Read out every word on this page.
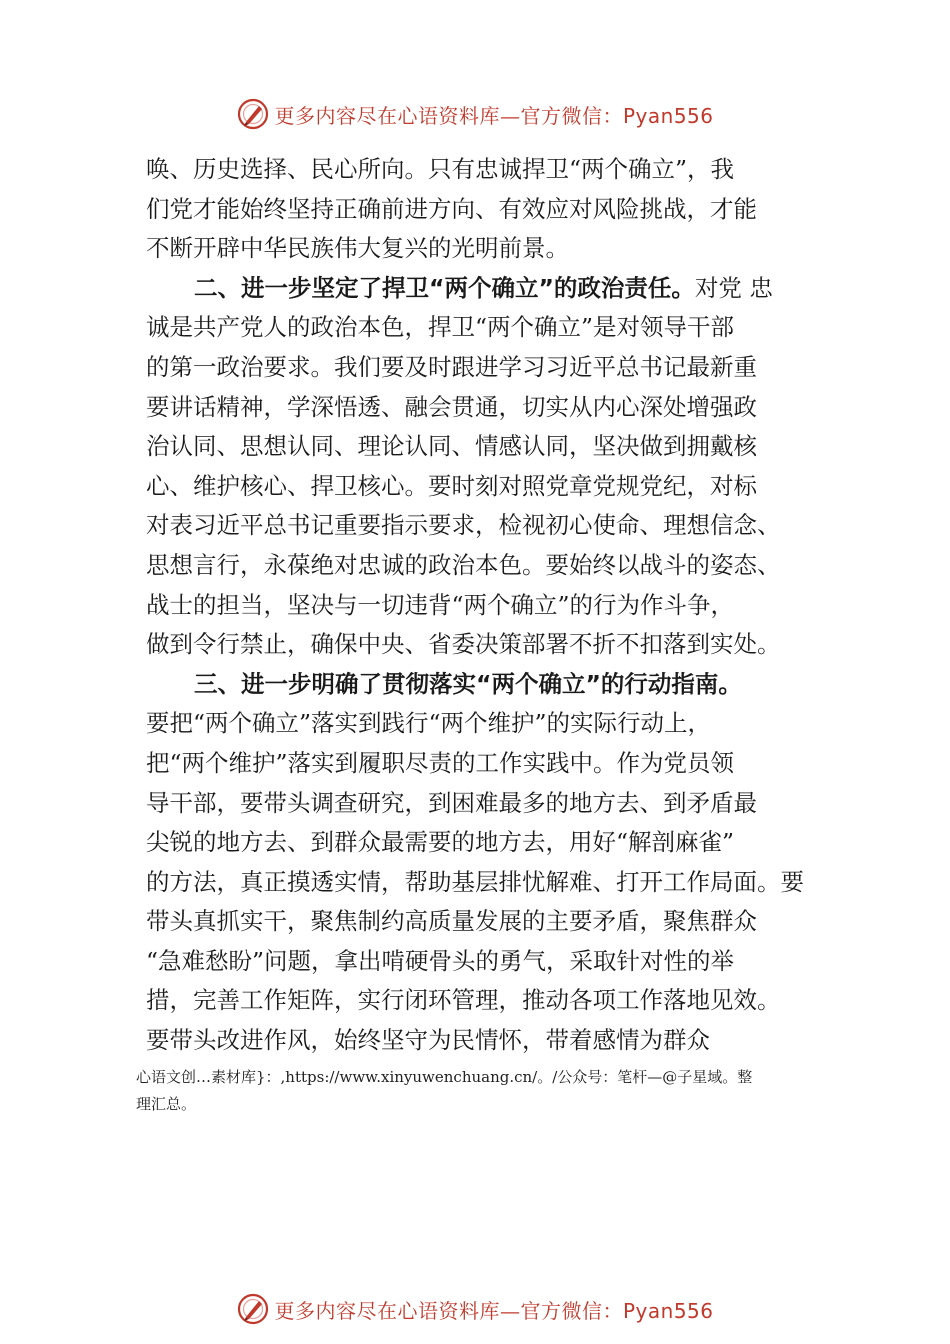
更多内容尽在心语资料库—官方微信：Pyan556
唤、历史选择、民心所向。只有忠诚捍卫“两个确立”，我
们党才能始终坚持正确前进方向、有效应对风险挑战，才能
不断开辟中华民族伟大复兴的光明前景。
二、进一步坚定了捍卫“两个确立”的政治责任。对党 忠
诚是共产党人的政治本色，捍卫“两个确立”是对领导干部
的第一政治要求。我们要及时跟进学习习近平总书记最新重
要讲话精神，学深悟透、融会贯通，切实从内心深处增强政
治认同、思想认同、理论认同、情感认同，坚决做到拥戴核
心、维护核心、捍卫核心。要时刻对照党章党规党纪，对标
对表习近平总书记重要指示要求，检视初心使命、理想信念、
思想言行，永葆绝对忠诚的政治本色。要始终以战斗的姿态、
战士的担当，坚决与一切违背“两个确立”的行为作斗争，
做到令行禁止，确保中央、省委决策部署不折不扣落到实处。
三、进一步明确了贯彻落实“两个确立”的行动指南。
要把“两个确立”落实到践行“两个维护”的实际行动上，
把“两个维护”落实到履职尽责的工作实践中。作为党员领
导干部，要带头调查研究，到困难最多的地方去、到矛盾最
尖锐的地方去、到群众最需要的地方去，用好“解剖麻雀”
的方法，真正摸透实情，帮助基层排忧解难、打开工作局面。要
带头真抓实干，聚焦制约高质量发展的主要矛盾，聚焦群众
“急难愁盼”问题，拿出啃硬骨头的勇气，采取针对性的举
措，完善工作矩阵，实行闭环管理，推动各项工作落地见效。
要带头改进作风，始终坚守为民情怀，带着感情为群众
心语文创…素材库}：,https://www.xinyuwenchuang.cn/。/公众号：笔杆—@子星域。整
理汇总。
更多内容尽在心语资料库—官方微信：Pyan556
